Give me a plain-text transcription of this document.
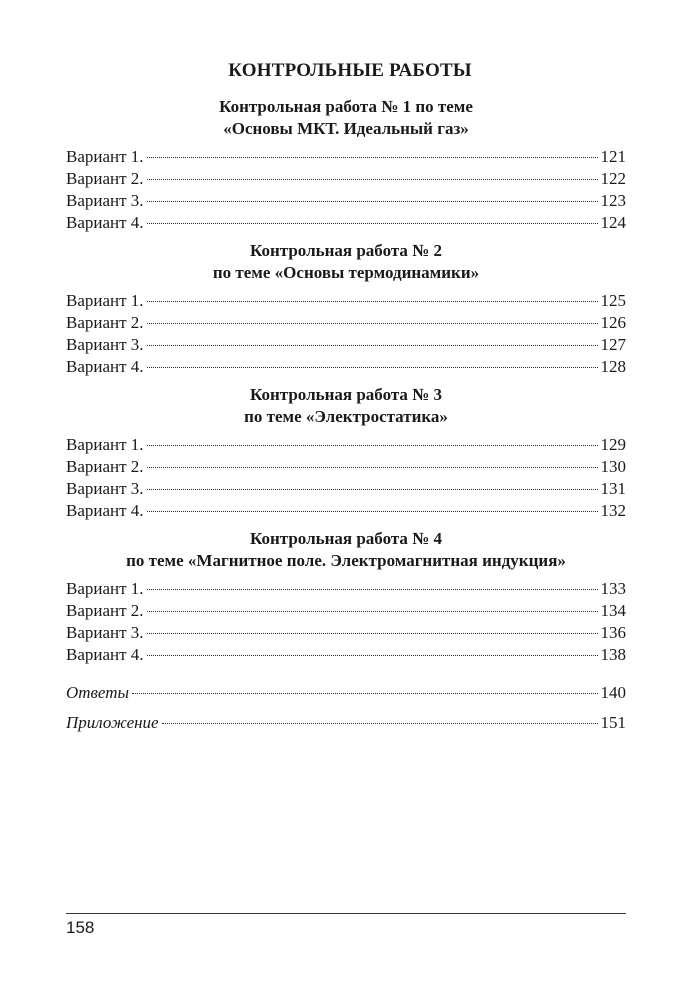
КОНТРОЛЬНЫЕ РАБОТЫ
Контрольная работа № 1 по теме
«Основы МКТ. Идеальный газ»
Вариант 1.	121
Вариант 2.	122
Вариант 3.	123
Вариант 4.	124
Контрольная работа № 2
по теме «Основы термодинамики»
Вариант 1.	125
Вариант 2.	126
Вариант 3.	127
Вариант 4.	128
Контрольная работа № 3
по теме «Электростатика»
Вариант 1.	129
Вариант 2.	130
Вариант 3.	131
Вариант 4.	132
Контрольная работа № 4
по теме «Магнитное поле. Электромагнитная индукция»
Вариант 1.	133
Вариант 2.	134
Вариант 3.	136
Вариант 4.	138
Ответы	140
Приложение	151
158
